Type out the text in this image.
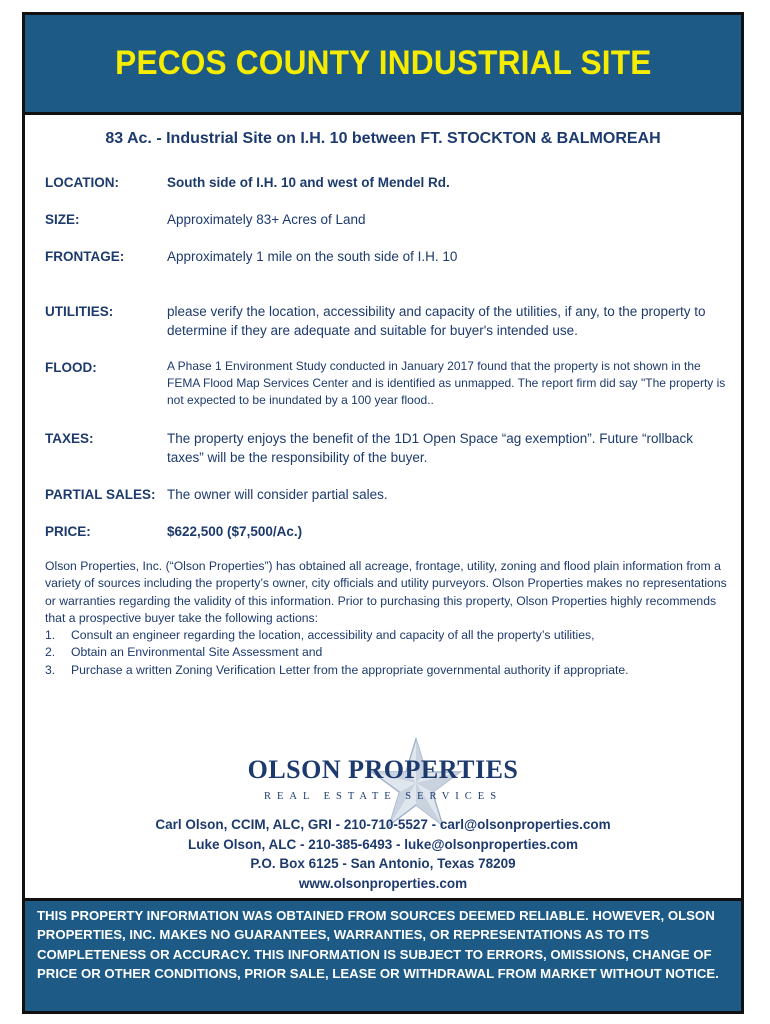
PECOS COUNTY INDUSTRIAL SITE
83 Ac. - Industrial Site on I.H. 10 between FT. STOCKTON & BALMOREAH
LOCATION:	South side of I.H. 10 and west of Mendel Rd.
SIZE:	Approximately 83+ Acres of Land
FRONTAGE:	Approximately 1 mile on the south side of I.H. 10
UTILITIES:	please verify the location, accessibility and capacity of the utilities, if any, to the property to determine if they are adequate and suitable for buyer's intended use.
FLOOD:	A Phase 1 Environment Study conducted in January 2017 found that the property is not shown in the FEMA Flood Map Services Center and is identified as unmapped. The report firm did say "The property is not expected to be inundated by a 100 year flood..
TAXES:	The property enjoys the benefit of the 1D1 Open Space “ag exemption”. Future “rollback taxes” will be the responsibility of the buyer.
PARTIAL SALES: The owner will consider partial sales.
PRICE:	$622,500 ($7,500/Ac.)

Olson Properties, Inc. (“Olson Properties”) has obtained all acreage, frontage, utility, zoning and flood plain information from a variety of sources including the property’s owner, city officials and utility purveyors. Olson Properties makes no representations or warranties regarding the validity of this information. Prior to purchasing this property, Olson Properties highly recommends that a prospective buyer take the following actions:

1. Consult an engineer regarding the location, accessibility and capacity of all the property’s utilities,
2. Obtain an Environmental Site Assessment and
3. Purchase a written Zoning Verification Letter from the appropriate governmental authority if appropriate.
OLSON PROPERTIES
REAL ESTATE SERVICES
Carl Olson, CCIM, ALC, GRI - 210-710-5527 - carl@olsonproperties.com
Luke Olson, ALC - 210-385-6493 - luke@olsonproperties.com
P.O. Box 6125 - San Antonio, Texas 78209
www.olsonproperties.com
THIS PROPERTY INFORMATION WAS OBTAINED FROM SOURCES DEEMED RELIABLE. HOWEVER, OLSON PROPERTIES, INC. MAKES NO GUARANTEES, WARRANTIES, OR REPRESENTATIONS AS TO ITS COMPLETENESS OR ACCURACY. THIS INFORMATION IS SUBJECT TO ERRORS, OMISSIONS, CHANGE OF PRICE OR OTHER CONDITIONS, PRIOR SALE, LEASE OR WITHDRAWAL FROM MARKET WITHOUT NOTICE.
